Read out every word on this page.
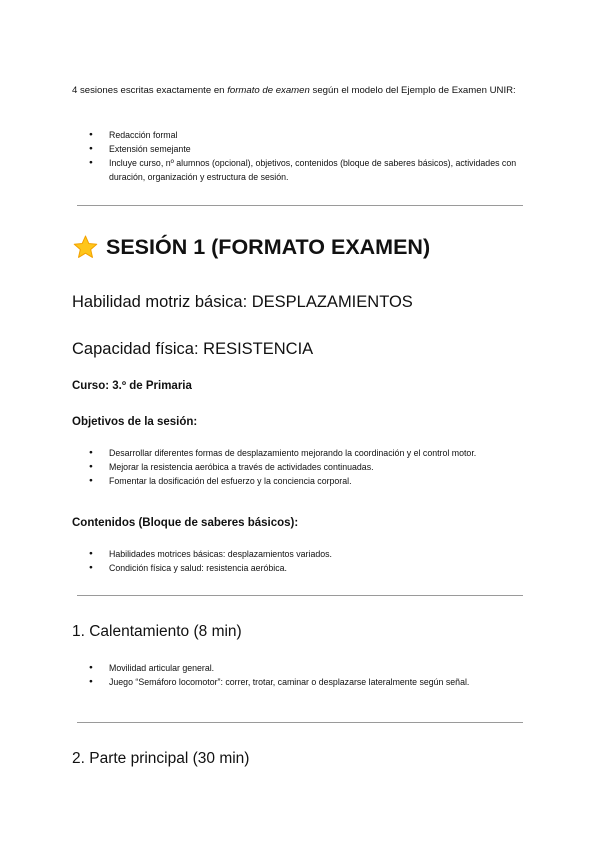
4 sesiones escritas exactamente en formato de examen según el modelo del Ejemplo de Examen UNIR:

● Redacción formal
● Extensión semejante
● Incluye curso, nº alumnos (opcional), objetivos, contenidos (bloque de saberes básicos), actividades con duración, organización y estructura de sesión.
SESIÓN 1 (FORMATO EXAMEN)

Habilidad motriz básica: DESPLAZAMIENTOS

Capacidad física: RESISTENCIA

Curso: 3.º de Primaria

Objetivos de la sesión:

● Desarrollar diferentes formas de desplazamiento mejorando la coordinación y el control motor.
● Mejorar la resistencia aeróbica a través de actividades continuadas.
● Fomentar la dosificación del esfuerzo y la conciencia corporal.

Contenidos (Bloque de saberes básicos):

● Habilidades motrices básicas: desplazamientos variados.
● Condición física y salud: resistencia aeróbica.

1. Calentamiento (8 min)

● Movilidad articular general.
● Juego “Semáforo locomotor”: correr, trotar, caminar o desplazarse lateralmente según señal.

2. Parte principal (30 min)
